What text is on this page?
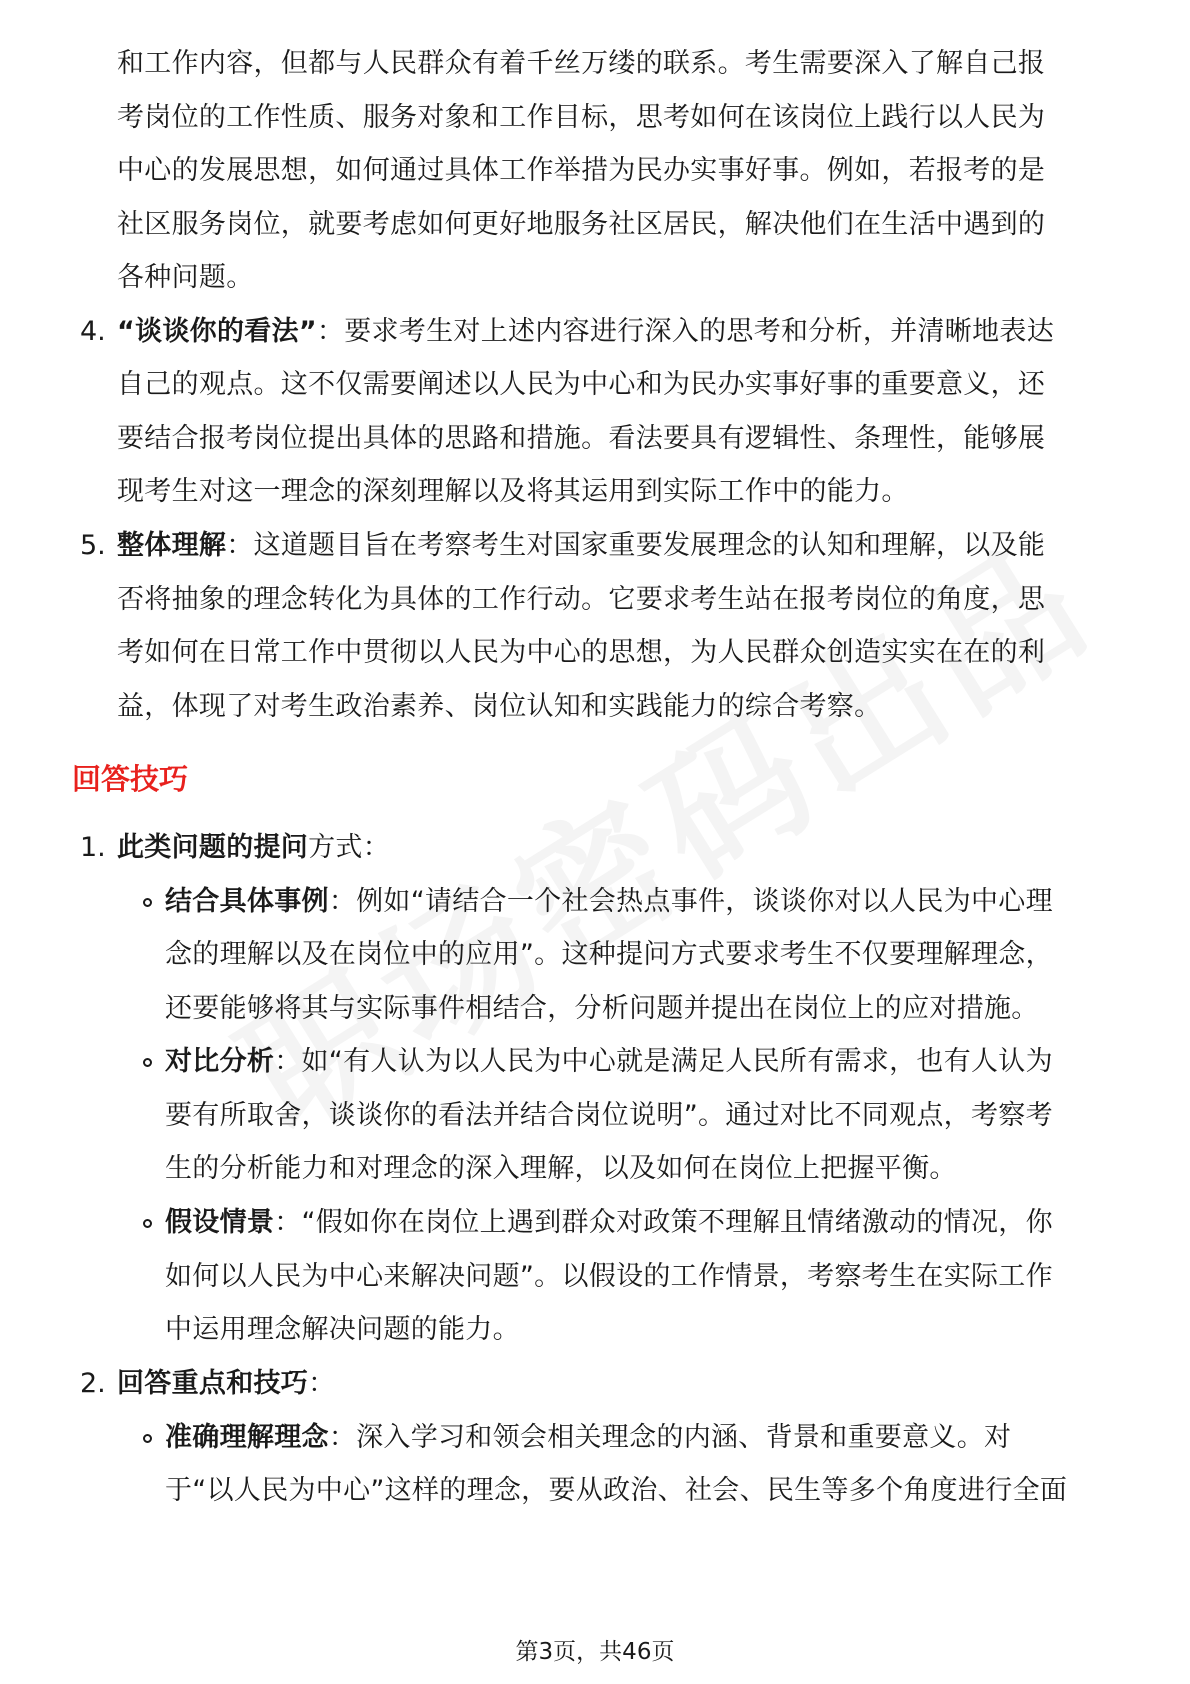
和工作内容，但都与人民群众有着千丝万缕的联系。考生需要深入了解自己报
考岗位的工作性质、服务对象和工作目标，思考如何在该岗位上践行以人民为
中心的发展思想，如何通过具体工作举措为民办实事好事。例如，若报考的是
社区服务岗位，就要考虑如何更好地服务社区居民，解决他们在生活中遇到的
各种问题。
4. “谈谈你的看法”：要求考生对上述内容进行深入的思考和分析，并清晰地表达
自己的观点。这不仅需要阐述以人民为中心和为民办实事好事的重要意义，还
要结合报考岗位提出具体的思路和措施。看法要具有逻辑性、条理性，能够展
现考生对这一理念的深刻理解以及将其运用到实际工作中的能力。
5. 整体理解：这道题目旨在考察考生对国家重要发展理念的认知和理解，以及能
否将抽象的理念转化为具体的工作行动。它要求考生站在报考岗位的角度，思
考如何在日常工作中贯彻以人民为中心的思想，为人民群众创造实实在在的利
益，体现了对考生政治素养、岗位认知和实践能力的综合考察。
回答技巧
1. 此类问题的提问方式：
结合具体事例：例如“请结合一个社会热点事件，谈谈你对以人民为中心理
念的理解以及在岗位中的应用”。这种提问方式要求考生不仅要理解理念，
还要能够将其与实际事件相结合，分析问题并提出在岗位上的应对措施。
对比分析：如“有人认为以人民为中心就是满足人民所有需求，也有人认为
要有所取舍，谈谈你的看法并结合岗位说明”。通过对比不同观点，考察考
生的分析能力和对理念的深入理解，以及如何在岗位上把握平衡。
假设情景：“假如你在岗位上遇到群众对政策不理解且情绪激动的情况，你
如何以人民为中心来解决问题”。以假设的工作情景，考察考生在实际工作
中运用理念解决问题的能力。
2. 回答重点和技巧：
准确理解理念：深入学习和领会相关理念的内涵、背景和重要意义。对
于“以人民为中心”这样的理念，要从政治、社会、民生等多个角度进行全面
第3页，共46页
